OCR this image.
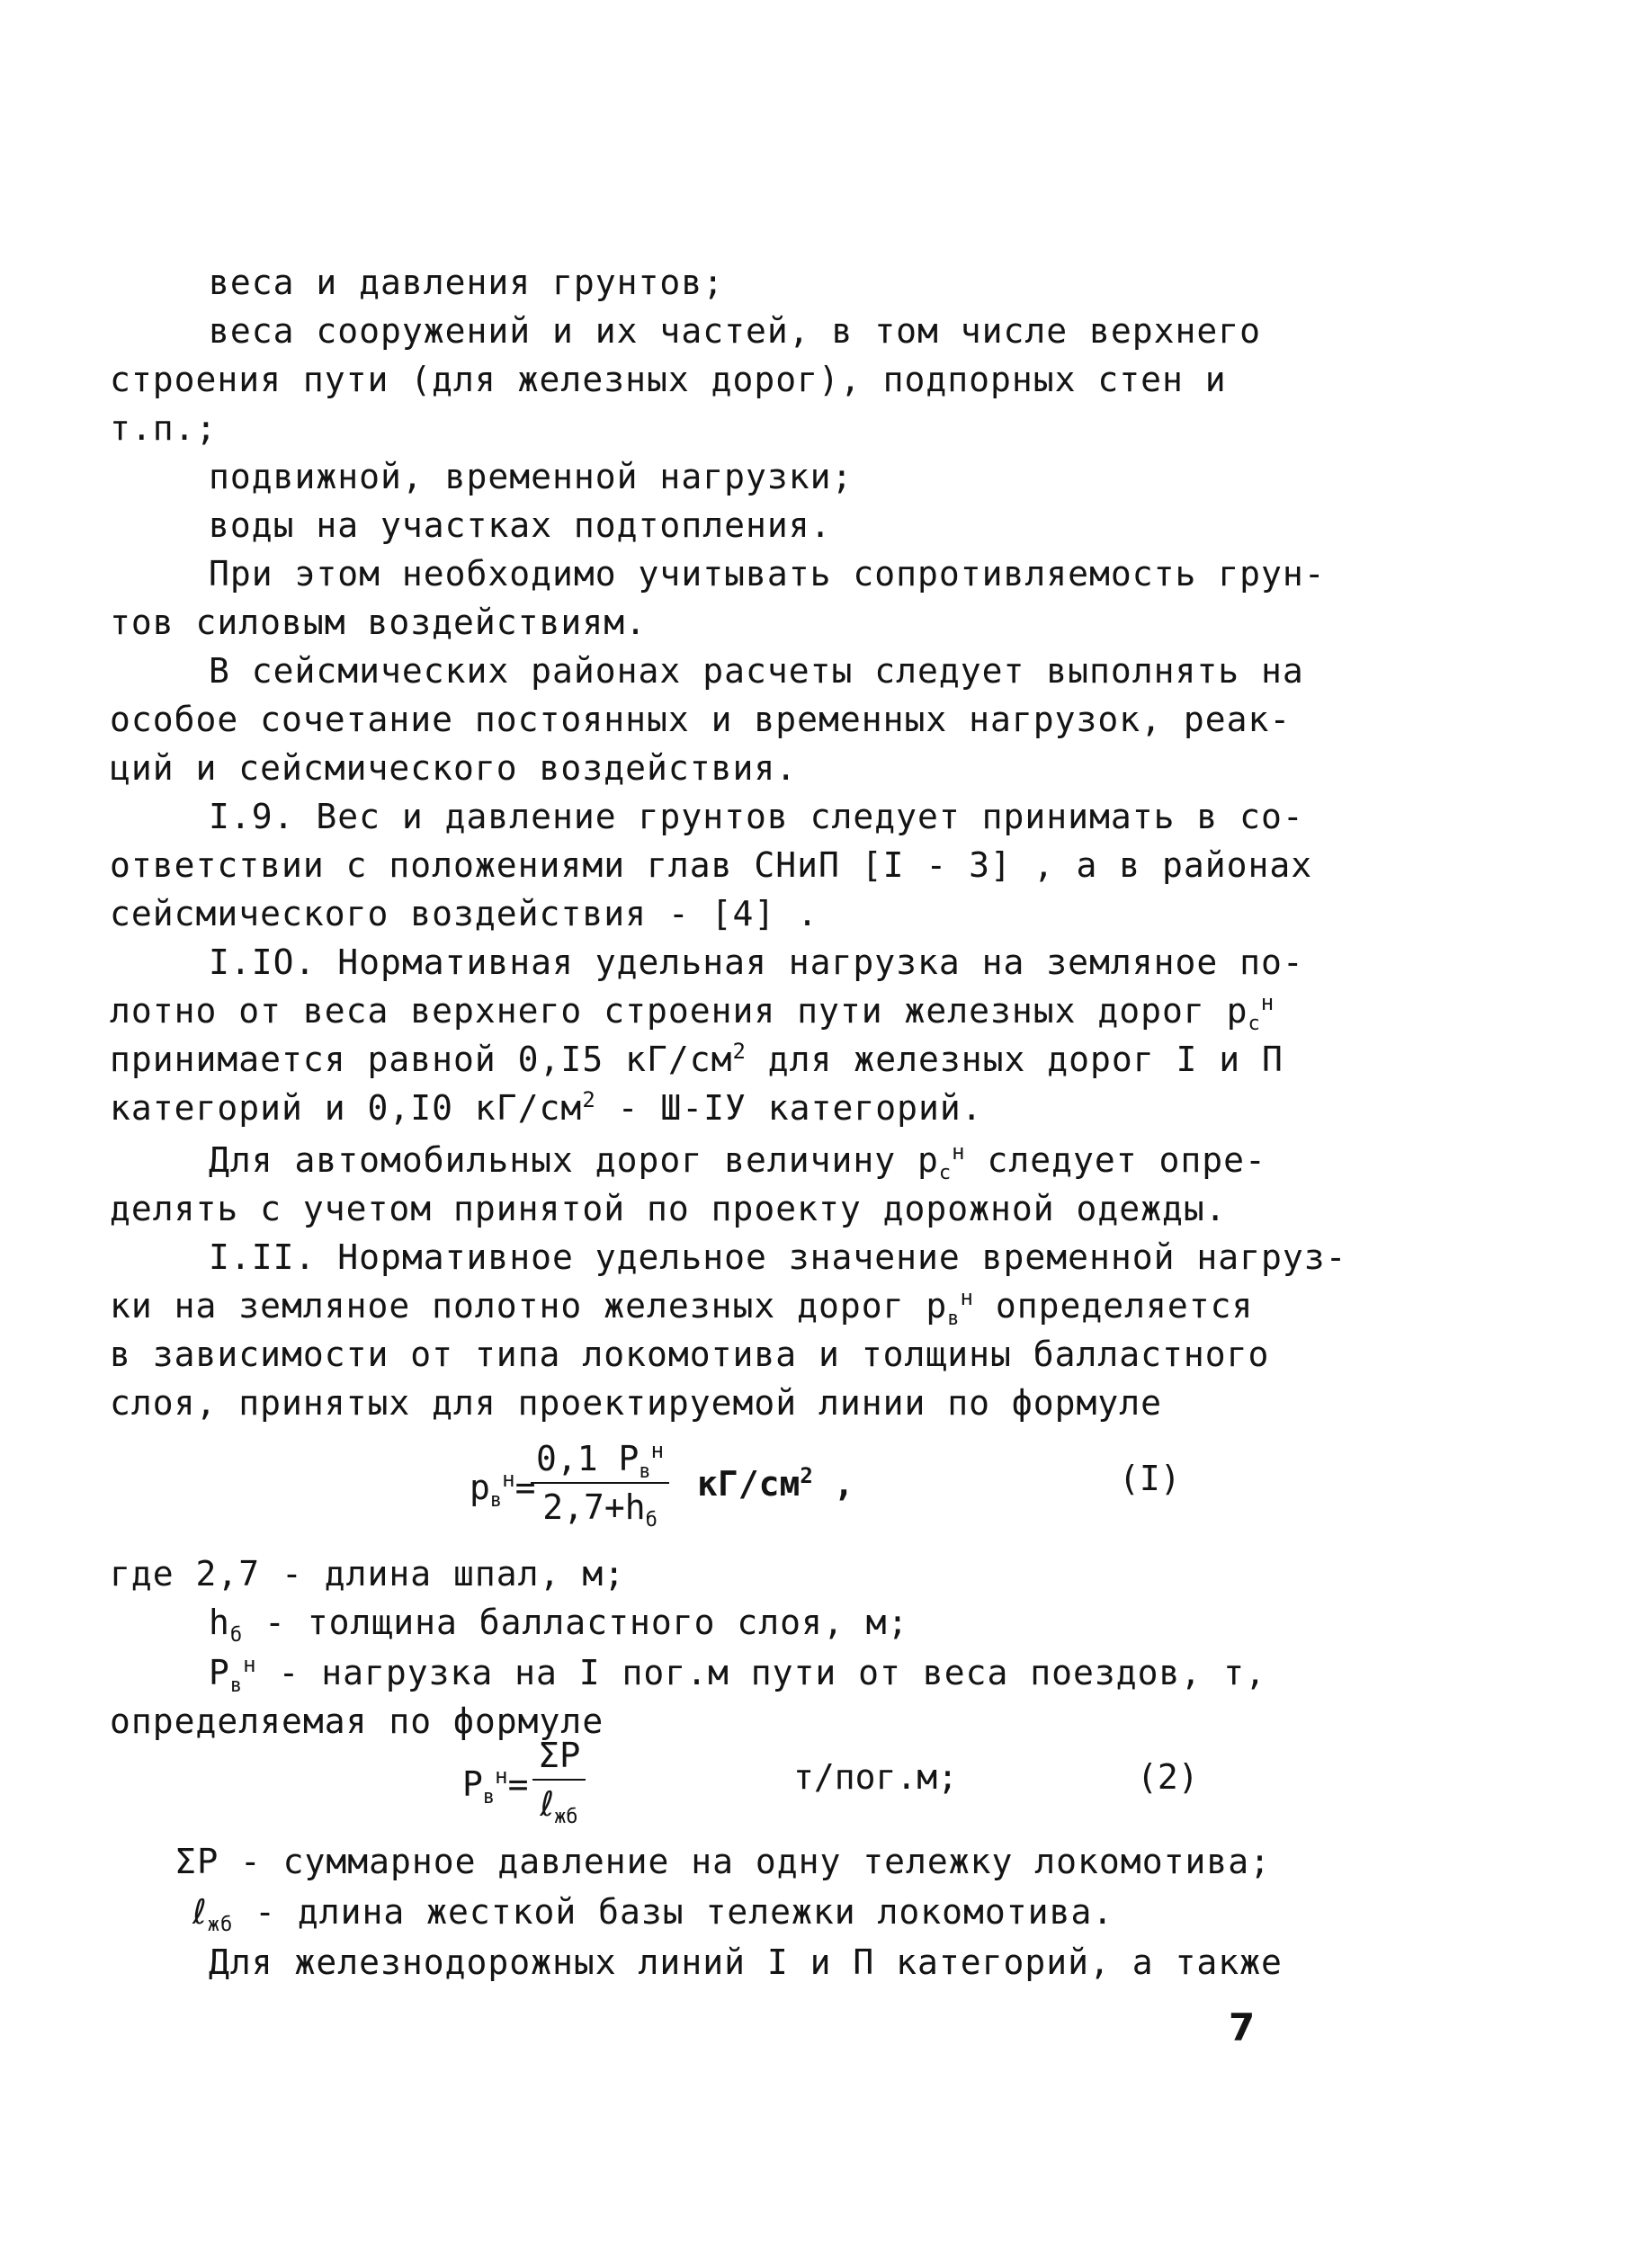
веса и давления грунтов;
веса сооружений и их частей, в том числе верхнего
строения пути (для железных дорог), подпорных стен и
т.п.;
подвижной, временной нагрузки;
воды на участках подтопления.
При этом необходимо учитывать сопротивляемость грун-
тов силовым воздействиям.
В сейсмических районах расчеты следует выполнять на
особое сочетание постоянных и временных нагрузок, реак-
ций и сейсмического воздействия.
I.9. Вес и давление грунтов следует принимать в со-
ответствии с положениями глав СНиП [I - 3] , а в районах
сейсмического воздействия - [4] .
I.IO. Нормативная удельная нагрузка на земляное по-
лотно от веса верхнего строения пути железных дорог $p_с^н$
принимается равной 0,I5 $кГ/см^2$ для железных дорог I и П
категорий и 0,I0 $кГ/см^2 - Ш-IУ$ категорий.
Для автомобильных дорог величину $p_с^н$ следует опре-
делять с учетом принятой по проекту дорожной одежды.
I.II. Нормативное удельное значение временной нагруз-
ки на земляное полотно железных дорог $p_в^н$ определяется
в зависимости от типа локомотива и толщины балластного
слоя, принятых для проектируемой линии по формуле
$p_в^н=$
0,1 $P_в^н$
$2,7+h_б$
$кГ/см^2$ ,	(I)
где 2,7 - длина шпал, м;
$h_б$ - толщина балластного слоя, м;
$P_в^н$ - нагрузка на I пог.м пути от веса поездов, т,
определяемая по формуле
$P_в^н=$
ΣP
ℓ$_{жб}$
т/пог.м;	(2)
ΣP - суммарное давление на одну тележку локомотива;
ℓ$_{жб}$ - длина жесткой базы тележки локомотива.
Для железнодорожных линий I и П категорий, а также
7
